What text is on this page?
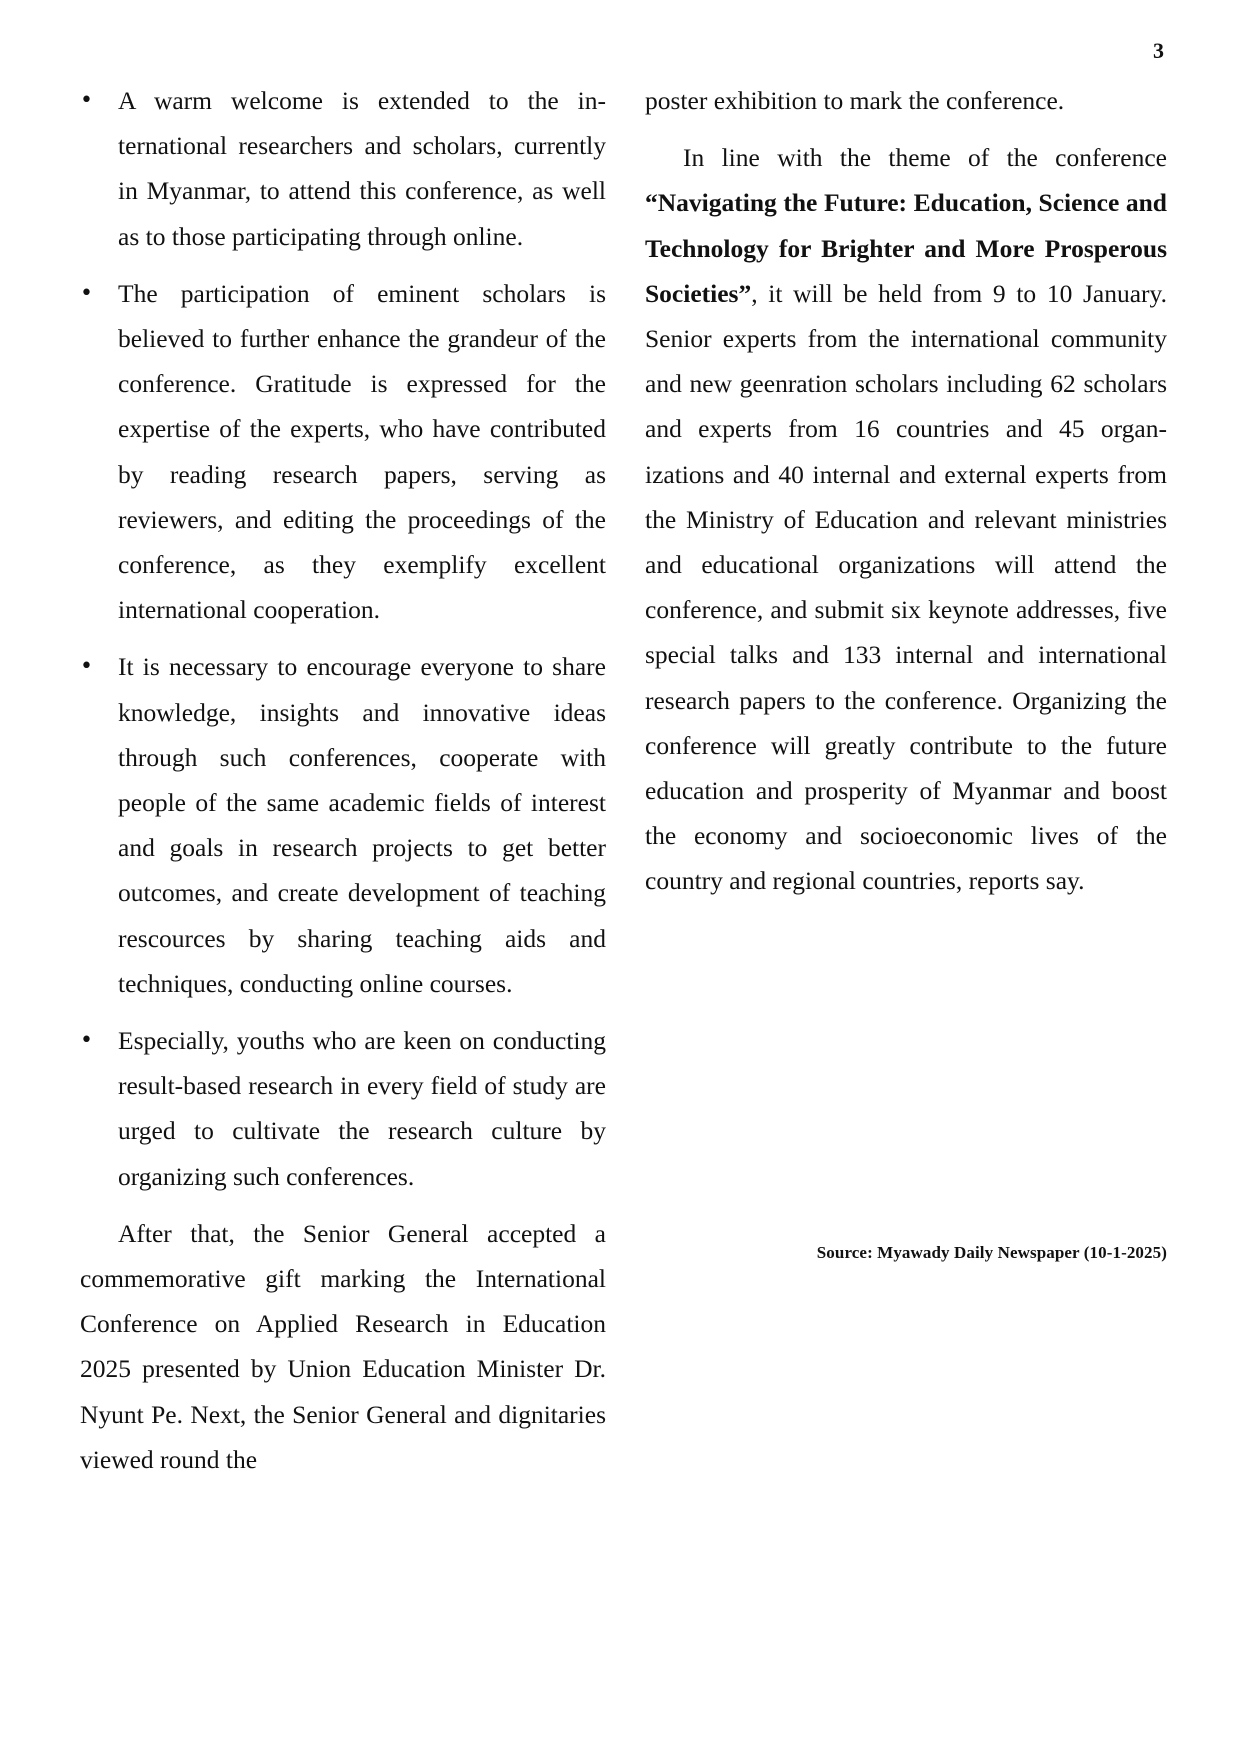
3
• A warm welcome is extended to the international researchers and scholars, currently in Myanmar, to attend this conference, as well as to those participating through online.
• The participation of eminent scholars is believed to further enhance the grandeur of the conference. Gratitude is expressed for the expertise of the experts, who have contributed by reading research papers, serving as reviewers, and editing the proceedings of the conference, as they exemplify excellent international cooperation.
• It is necessary to encourage everyone to share knowledge, insights and innovative ideas through such conferences, cooperate with people of the same academic fields of interest and goals in research projects to get better outcomes, and create development of teaching rescources by sharing teaching aids and techniques, conducting online courses.
• Especially, youths who are keen on conducting result-based research in every field of study are urged to cultivate the research culture by organizing such conferences.

After that, the Senior General accepted a commemorative gift marking the International Conference on Applied Research in Education 2025 presented by Union Education Minister Dr. Nyunt Pe. Next, the Senior General and dignitaries viewed round the

poster exhibition to mark the conference.

In line with the theme of the conference “Navigating the Future: Education, Science and Technology for Brighter and More Prosperous Societies”, it will be held from 9 to 10 January. Senior experts from the international community and new geenration scholars including 62 scholars and experts from 16 countries and 45 organizations and 40 internal and external experts from the Ministry of Education and relevant ministries and educational organizations will attend the conference, and submit six keynote addresses, five special talks and 133 internal and international research papers to the conference. Organizing the conference will greatly contribute to the future education and prosperity of Myanmar and boost the economy and socioeconomic lives of the country and regional countries, reports say.

Source: Myawady Daily Newspaper (10-1-2025)
